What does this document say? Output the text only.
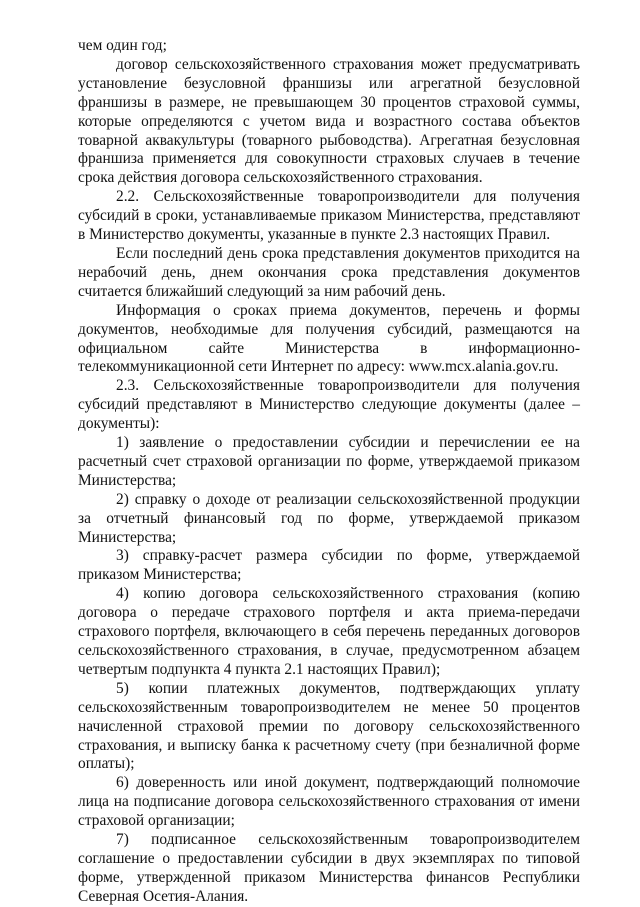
чем один год;

договор сельскохозяйственного страхования может предусматривать установление безусловной франшизы или агрегатной безусловной франшизы в размере, не превышающем 30 процентов страховой суммы, которые определяются с учетом вида и возрастного состава объектов товарной аквакультуры (товарного рыбоводства). Агрегатная безусловная франшиза применяется для совокупности страховых случаев в течение срока действия договора сельскохозяйственного страхования.

2.2. Сельскохозяйственные товаропроизводители для получения субсидий в сроки, устанавливаемые приказом Министерства, представляют в Министерство документы, указанные в пункте 2.3 настоящих Правил.

Если последний день срока представления документов приходится на нерабочий день, днем окончания срока представления документов считается ближайший следующий за ним рабочий день.

Информация о сроках приема документов, перечень и формы документов, необходимые для получения субсидий, размещаются на официальном сайте Министерства в информационно-телекоммуникационной сети Интернет по адресу: www.mcx.alania.gov.ru.

2.3. Сельскохозяйственные товаропроизводители для получения субсидий представляют в Министерство следующие документы (далее – документы):

1) заявление о предоставлении субсидии и перечислении ее на расчетный счет страховой организации по форме, утверждаемой приказом Министерства;

2) справку о доходе от реализации сельскохозяйственной продукции за отчетный финансовый год по форме, утверждаемой приказом Министерства;

3) справку-расчет размера субсидии по форме, утверждаемой приказом Министерства;

4) копию договора сельскохозяйственного страхования (копию договора о передаче страхового портфеля и акта приема-передачи страхового портфеля, включающего в себя перечень переданных договоров сельскохозяйственного страхования, в случае, предусмотренном абзацем четвертым подпункта 4 пункта 2.1 настоящих Правил);

5) копии платежных документов, подтверждающих уплату сельскохозяйственным товаропроизводителем не менее 50 процентов начисленной страховой премии по договору сельскохозяйственного страхования, и выписку банка к расчетному счету (при безналичной форме оплаты);

6) доверенность или иной документ, подтверждающий полномочие лица на подписание договора сельскохозяйственного страхования от имени страховой организации;

7) подписанное сельскохозяйственным товаропроизводителем соглашение о предоставлении субсидии в двух экземплярах по типовой форме, утвержденной приказом Министерства финансов Республики Северная Осетия-Алания.
